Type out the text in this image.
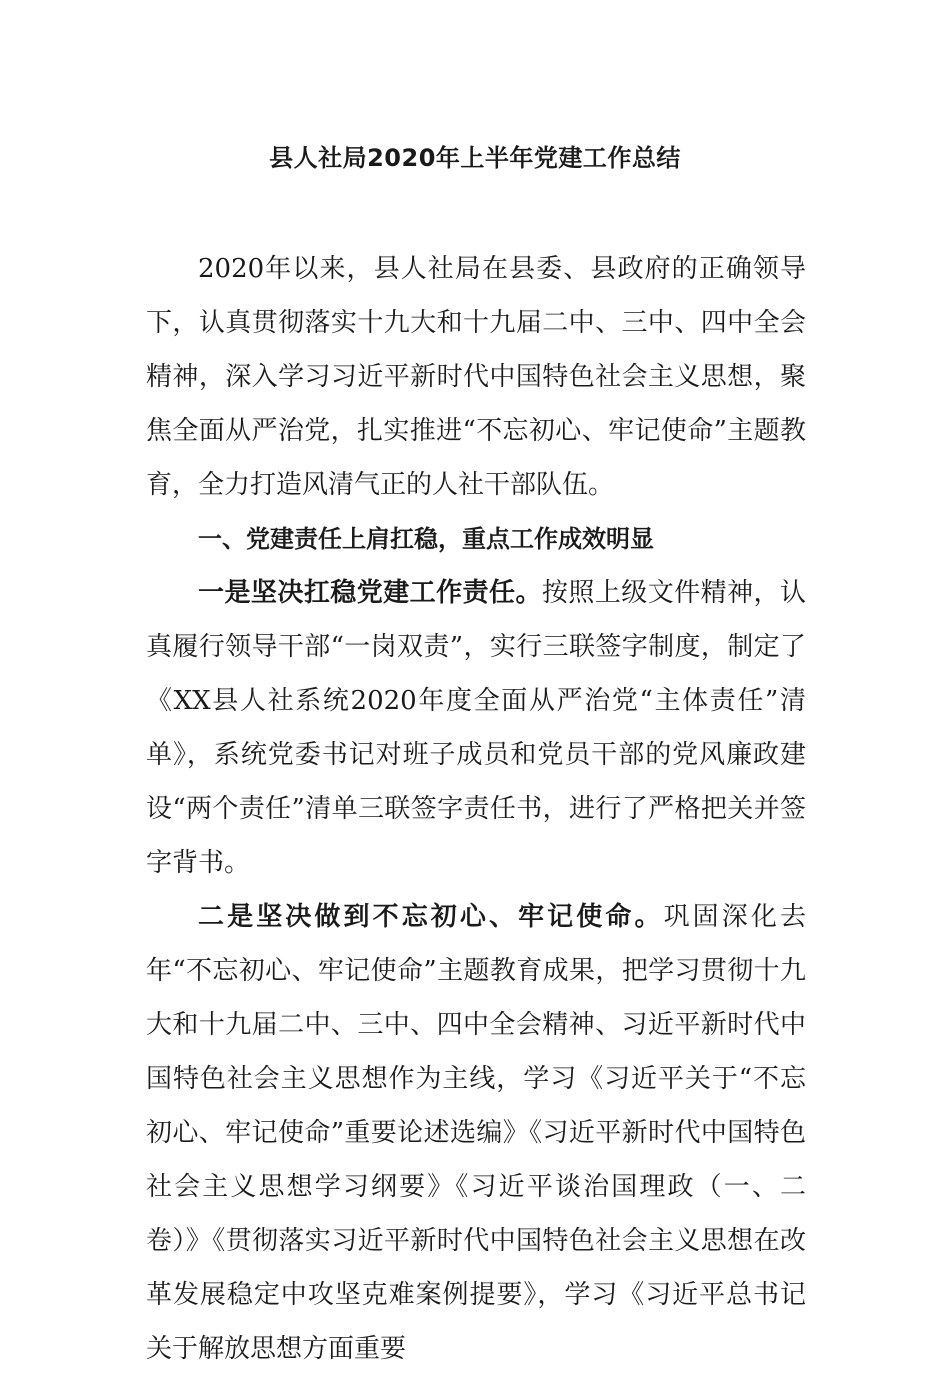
县人社局2020年上半年党建工作总结

2020年以来，县人社局在县委、县政府的正确领导下，认真贯彻落实十九大和十九届二中、三中、四中全会精神，深入学习习近平新时代中国特色社会主义思想，聚焦全面从严治党，扎实推进“不忘初心、牢记使命”主题教育，全力打造风清气正的人社干部队伍。

一、党建责任上肩扛稳，重点工作成效明显

一是坚决扛稳党建工作责任。按照上级文件精神，认真履行领导干部“一岗双责”，实行三联签字制度，制定了《XX县人社系统2020年度全面从严治党“主体责任”清单》，系统党委书记对班子成员和党员干部的党风廉政建设“两个责任”清单三联签字责任书，进行了严格把关并签字背书。

二是坚决做到不忘初心、牢记使命。巩固深化去年“不忘初心、牢记使命”主题教育成果，把学习贯彻十九大和十九届二中、三中、四中全会精神、习近平新时代中国特色社会主义思想作为主线，学习《习近平关于“不忘初心、牢记使命”重要论述选编》《习近平新时代中国特色社会主义思想学习纲要》《习近平谈治国理政（一、二卷）》《贯彻落实习近平新时代中国特色社会主义思想在改革发展稳定中攻坚克难案例提要》，学习《习近平总书记关于解放思想方面重要
